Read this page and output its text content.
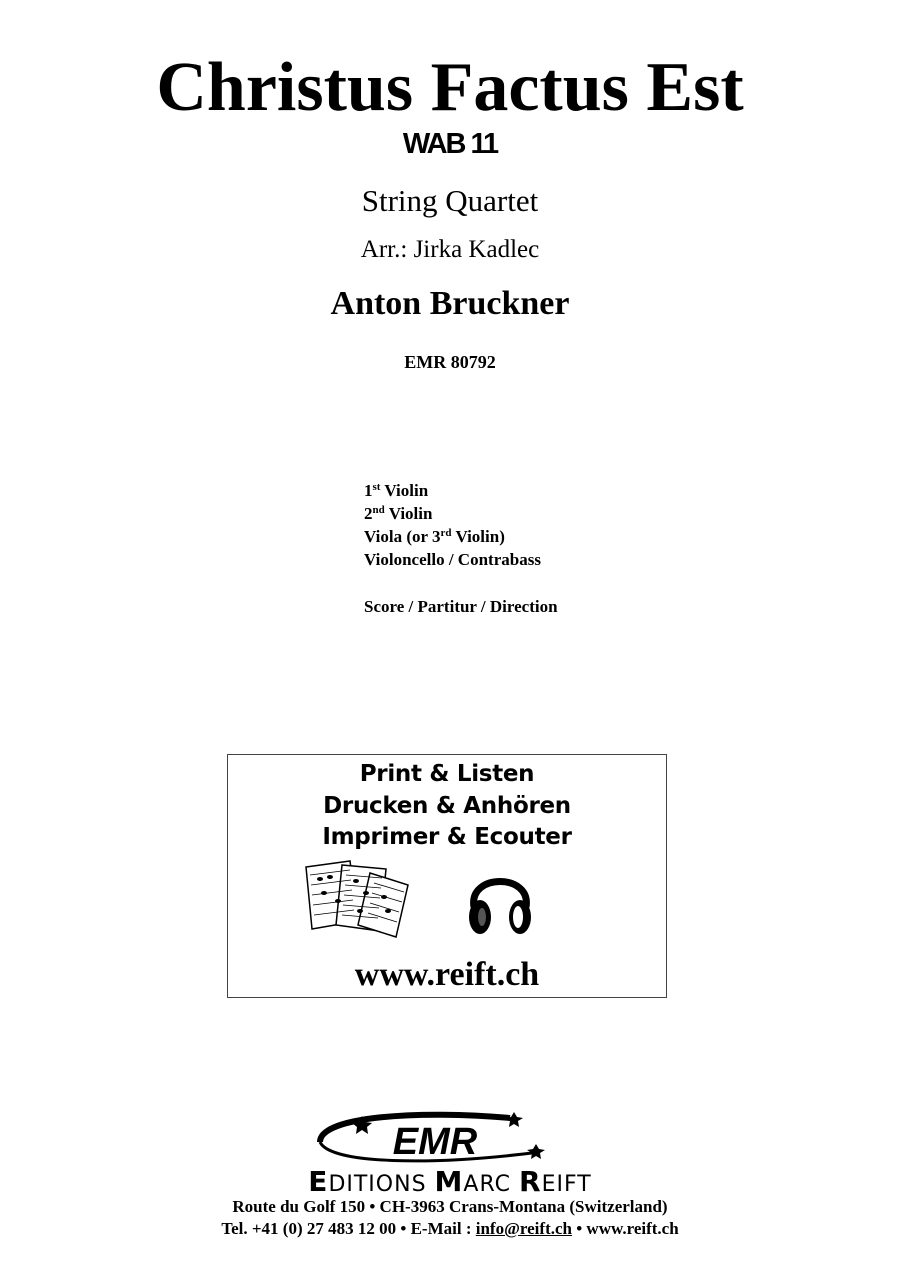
Christus Factus Est
WAB 11
String Quartet
Arr.: Jirka Kadlec
Anton Bruckner
EMR 80792
1st Violin
2nd Violin
Viola (or 3rd Violin)
Violoncello / Contrabass
Score / Partitur / Direction
Print & Listen
Drucken & Anhören
Imprimer & Ecouter
www.reift.ch
EMR
EDITIONS MARC REIFT
Route du Golf 150 • CH-3963 Crans-Montana (Switzerland)
Tel. +41 (0) 27 483 12 00 • E-Mail : info@reift.ch • www.reift.ch
